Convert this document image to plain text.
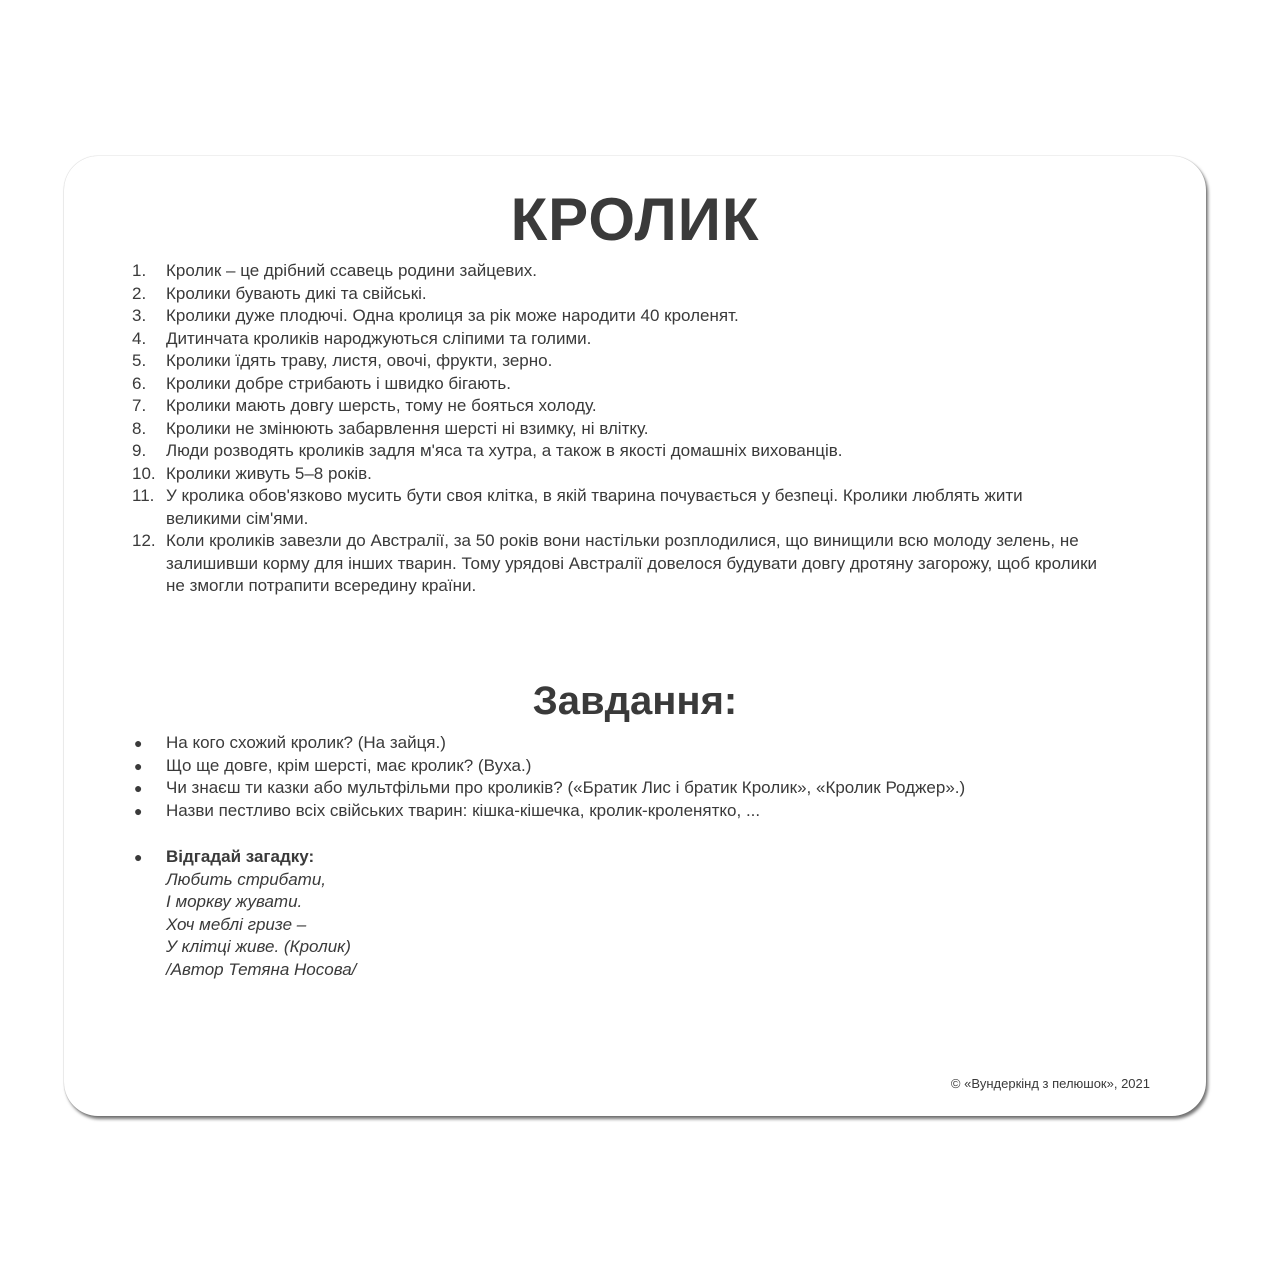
КРОЛИК
1. Кролик – це дрібний ссавець родини зайцевих.
2. Кролики бувають дикі та свійські.
3. Кролики дуже плодючі. Одна кролиця за рік може народити 40 кроленят.
4. Дитинчата кроликів народжуються сліпими та голими.
5. Кролики їдять траву, листя, овочі, фрукти, зерно.
6. Кролики добре стрибають і швидко бігають.
7. Кролики мають довгу шерсть, тому не бояться холоду.
8. Кролики не змінюють забарвлення шерсті ні взимку, ні влітку.
9. Люди розводять кроликів задля м'яса та хутра, а також в якості домашніх вихованців.
10. Кролики живуть 5–8 років.
11. У кролика обов'язково мусить бути своя клітка, в якій тварина почувається у безпеці. Кролики люблять жити великими сім'ями.
12. Коли кроликів завезли до Австралії, за 50 років вони настільки розплодилися, що винищили всю молоду зелень, не залишивши корму для інших тварин. Тому урядові Австралії довелося будувати довгу дротяну загорожу, щоб кролики не змогли потрапити всередину країни.
Завдання:
● На кого схожий кролик? (На зайця.)
● Що ще довге, крім шерсті, має кролик? (Вуха.)
● Чи знаєш ти казки або мультфільми про кроликів? («Братик Лис і братик Кролик», «Кролик Роджер».)
● Назви пестливо всіх свійських тварин: кішка-кішечка, кролик-кроленятко, ...
● Відгадай загадку:
Любить стрибати,
І моркву жувати.
Хоч меблі гризе –
У клітці живе. (Кролик)
/Автор Тетяна Носова/
© «Вундеркінд з пелюшок», 2021
